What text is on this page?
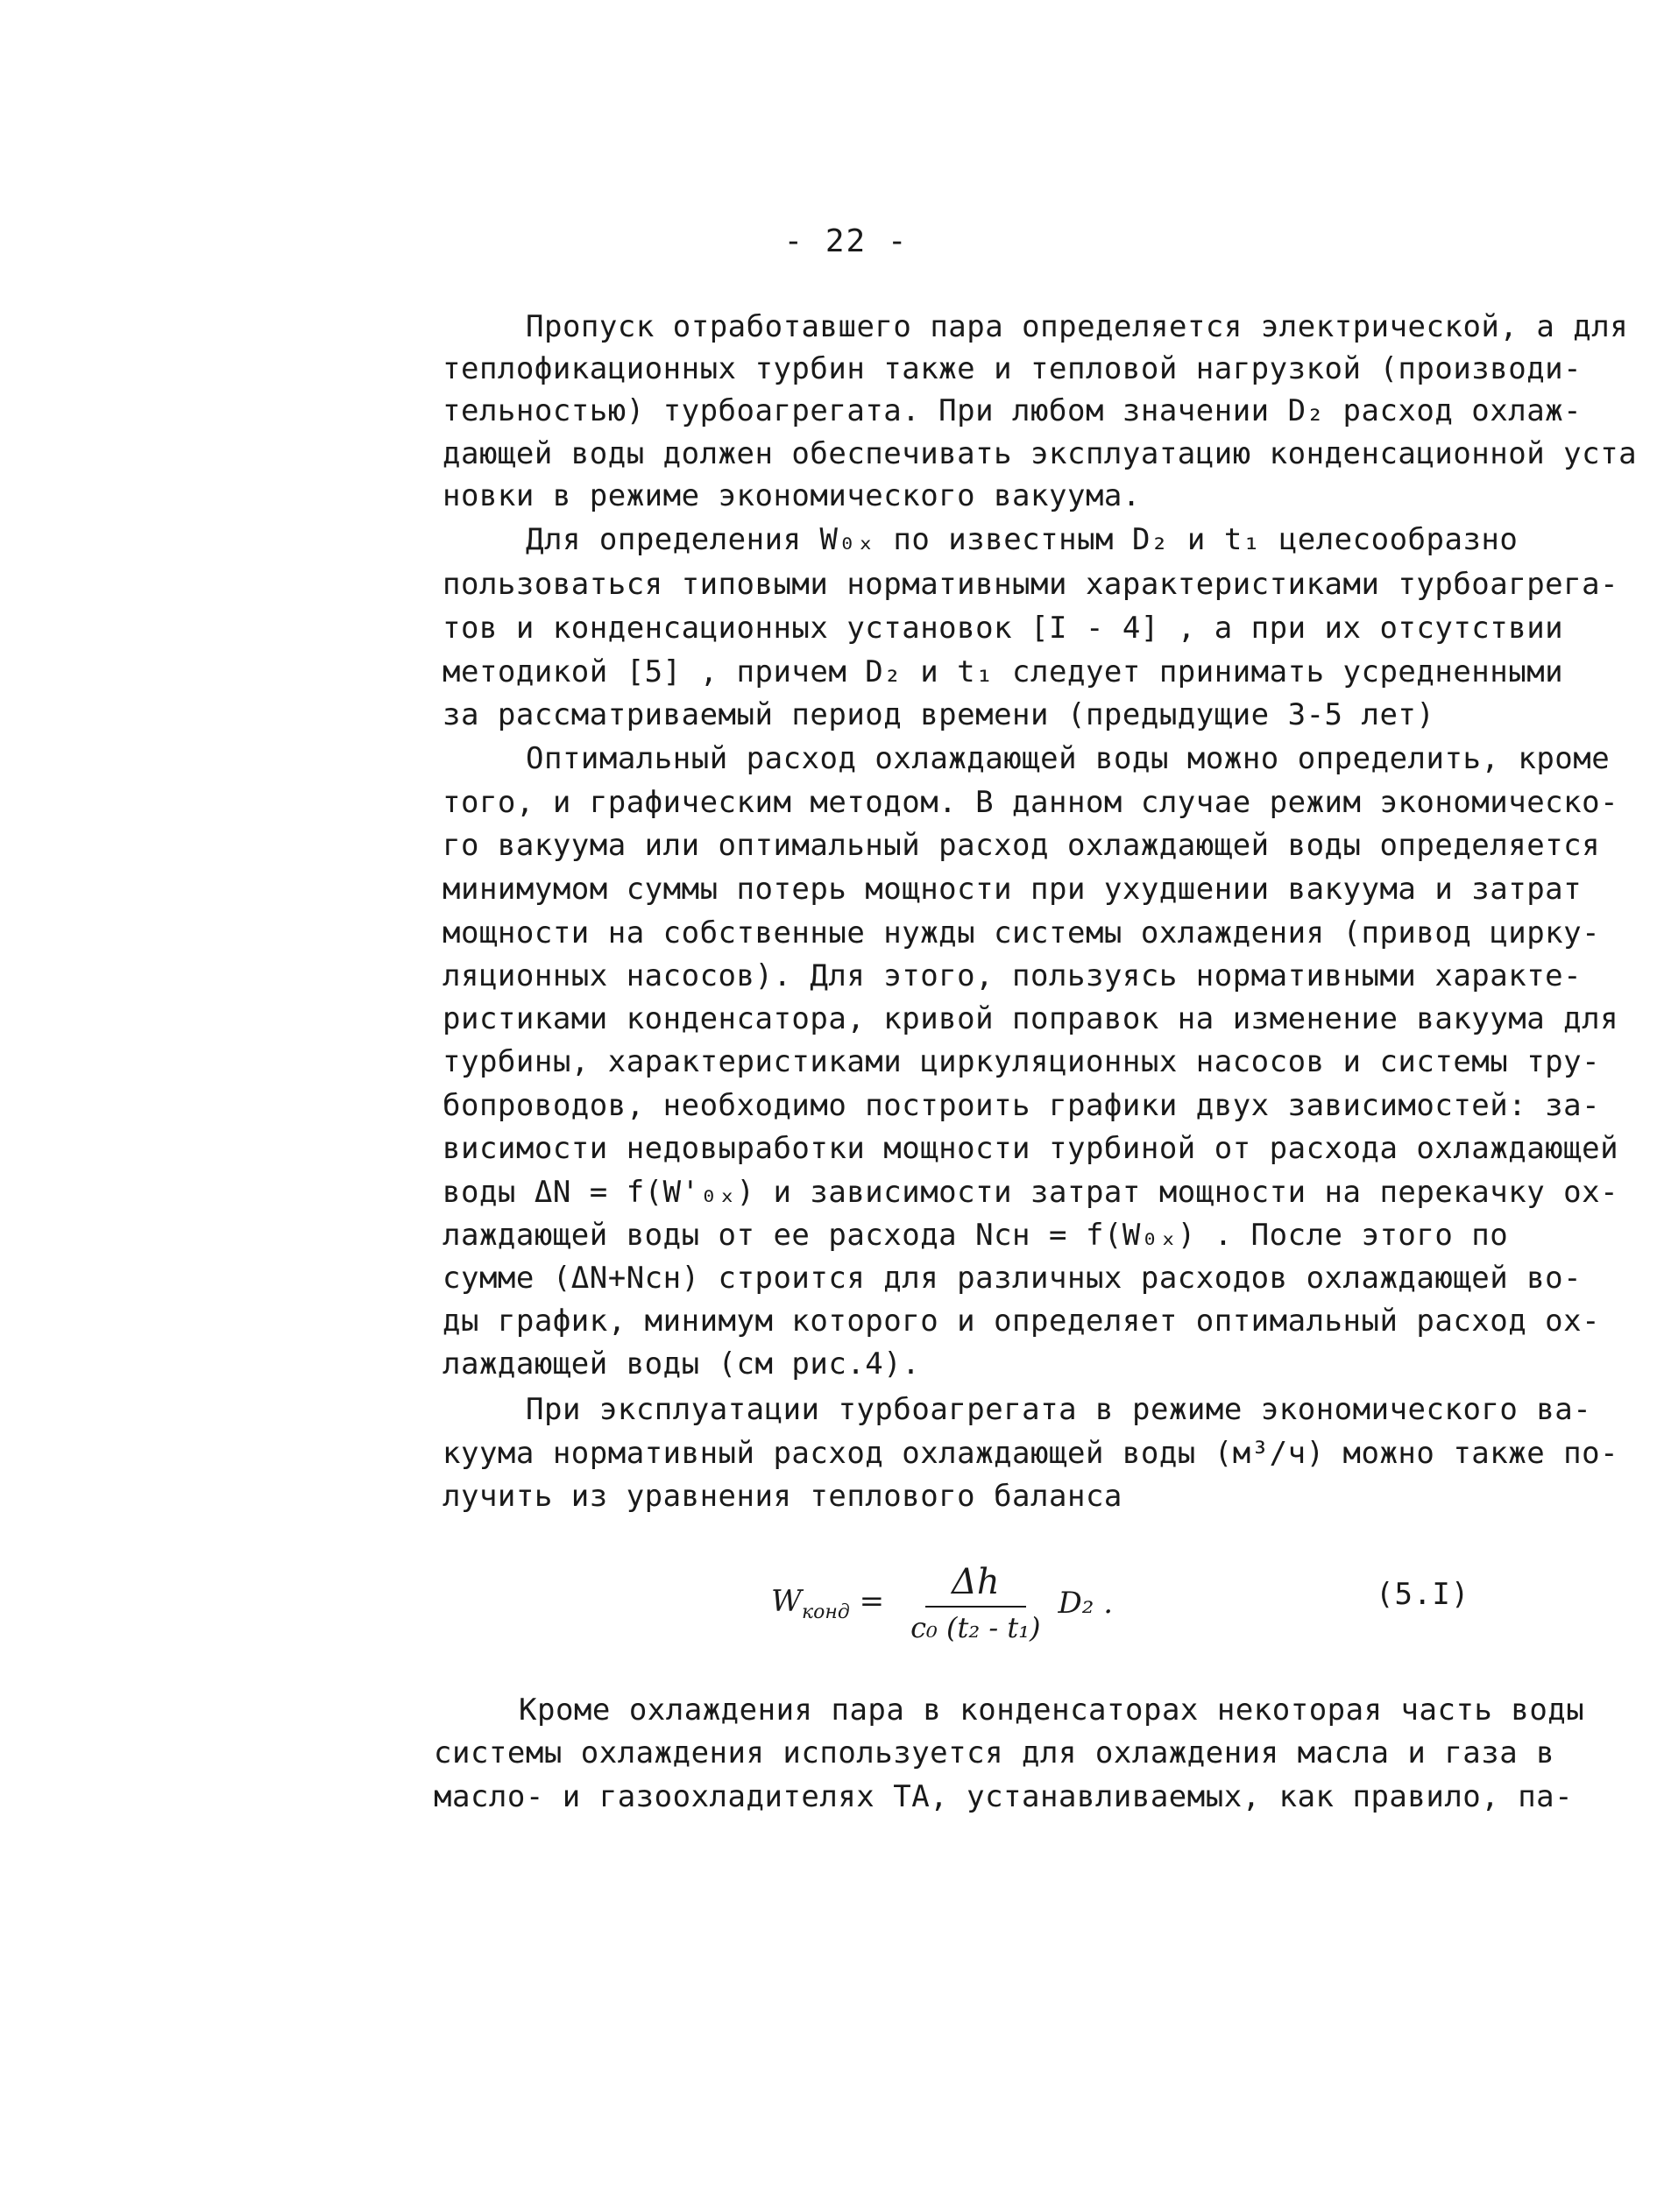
- 22 -
Пропуск отработавшего пара определяется электрической, а для
теплофикационных турбин также и тепловой нагрузкой (производи-
тельностью) турбоагрегата. При любом значении D₂ расход охлаж-
дающей воды должен обеспечивать эксплуатацию конденсационной уста
новки в режиме экономического вакуума.
Для определения W₀ₓ по известным D₂ и t₁ целесообразно
пользоваться типовыми нормативными характеристиками турбоагрега-
тов и конденсационных установок [I - 4] , а при их отсутствии
методикой [5] , причем D₂ и t₁ следует принимать усредненными
за рассматриваемый период времени (предыдущие 3-5 лет)
Оптимальный расход охлаждающей воды можно определить, кроме
того, и графическим методом. В данном случае режим экономическо-
го вакуума или оптимальный расход охлаждающей воды определяется
минимумом суммы потерь мощности при ухудшении вакуума и затрат
мощности на собственные нужды системы охлаждения (привод цирку-
ляционных насосов). Для этого, пользуясь нормативными характе-
ристиками конденсатора, кривой поправок на изменение вакуума для
турбины, характеристиками циркуляционных насосов и системы тру-
бопроводов, необходимо построить графики двух зависимостей: за-
висимости недовыработки мощности турбиной от расхода охлаждающей
воды ΔN = f(W'₀ₓ) и зависимости затрат мощности на перекачку ох-
лаждающей воды от ее расхода Nсн = f(W₀ₓ) . После этого по
сумме (ΔN+Nсн) строится для различных расходов охлаждающей во-
ды график, минимум которого и определяет оптимальный расход ох-
лаждающей воды (см рис.4).
При эксплуатации турбоагрегата в режиме экономического ва-
куума нормативный расход охлаждающей воды (м³/ч) можно также по-
лучить из уравнения теплового баланса
$W_{конд} = \frac{\Delta h}{\text{c₀ (t₂ - t₁)}} D_2$ .	(5.I)
Кроме охлаждения пара в конденсаторах некоторая часть воды
системы охлаждения используется для охлаждения масла и газа в
масло- и газоохладителях ТА, устанавливаемых, как правило, па-
